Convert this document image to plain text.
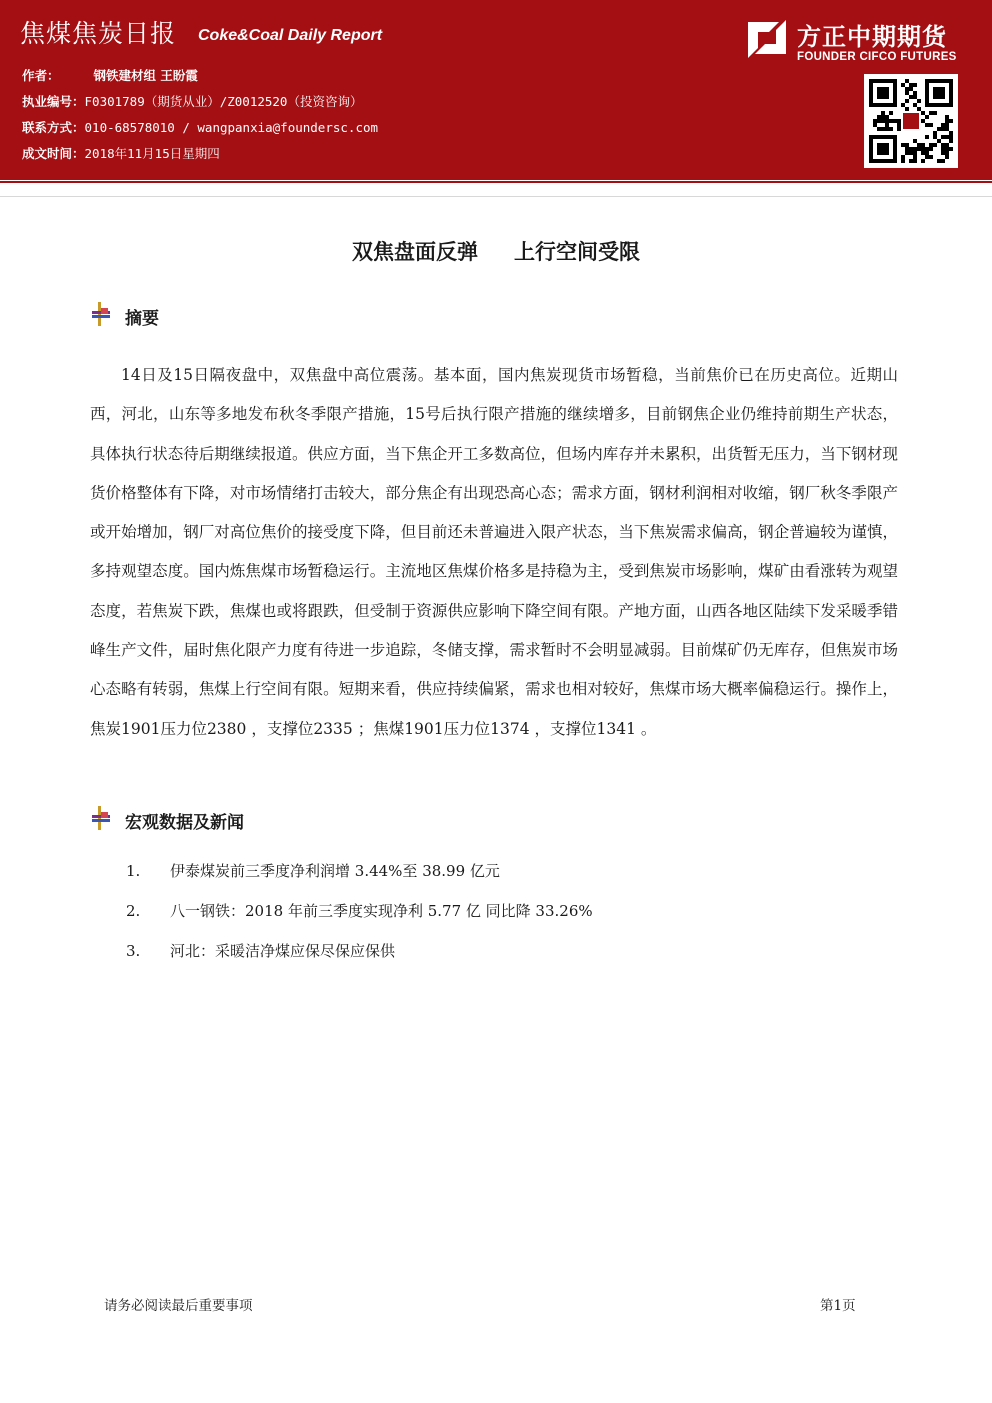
焦煤焦炭日报 Coke&Coal Daily Report
作者：	钢铁建材组 王盼霞
执业编号：F0301789（期货从业）/Z0012520（投资咨询）
联系方式：010-68578010 / wangpanxia@foundersc.com
成文时间：2018年11月15日星期四
方正中期期货
FOUNDER CIFCO FUTURES
双焦盘面反弹 上行空间受限
摘要

14日及15日隔夜盘中，双焦盘中高位震荡。基本面，国内焦炭现货市场暂稳，当前焦价已在历史高位。近期山西，河北，山东等多地发布秋冬季限产措施，15号后执行限产措施的继续增多，目前钢焦企业仍维持前期生产状态，具体执行状态待后期继续报道。供应方面，当下焦企开工多数高位，但场内库存并未累积，出货暂无压力，当下钢材现货价格整体有下降，对市场情绪打击较大，部分焦企有出现恐高心态；需求方面，钢材利润相对收缩，钢厂秋冬季限产或开始增加，钢厂对高位焦价的接受度下降，但目前还未普遍进入限产状态，当下焦炭需求偏高，钢企普遍较为谨慎，多持观望态度。国内炼焦煤市场暂稳运行。主流地区焦煤价格多是持稳为主，受到焦炭市场影响，煤矿由看涨转为观望态度，若焦炭下跌，焦煤也或将跟跌，但受制于资源供应影响下降空间有限。产地方面，山西各地区陆续下发采暖季错峰生产文件，届时焦化限产力度有待进一步追踪，冬储支撑，需求暂时不会明显减弱。目前煤矿仍无库存，但焦炭市场心态略有转弱，焦煤上行空间有限。短期来看，供应持续偏紧，需求也相对较好，焦煤市场大概率偏稳运行。操作上， 焦炭1901压力位2380 ，支撑位2335 ；焦煤1901压力位1374 ，支撑位1341 。

宏观数据及新闻
1.	伊泰煤炭前三季度净利润增 3.44%至 38.99 亿元
2.	八一钢铁：2018 年前三季度实现净利 5.77 亿 同比降 33.26%
3.	河北：采暖洁净煤应保尽保应保供
请务必阅读最后重要事项	第1页
